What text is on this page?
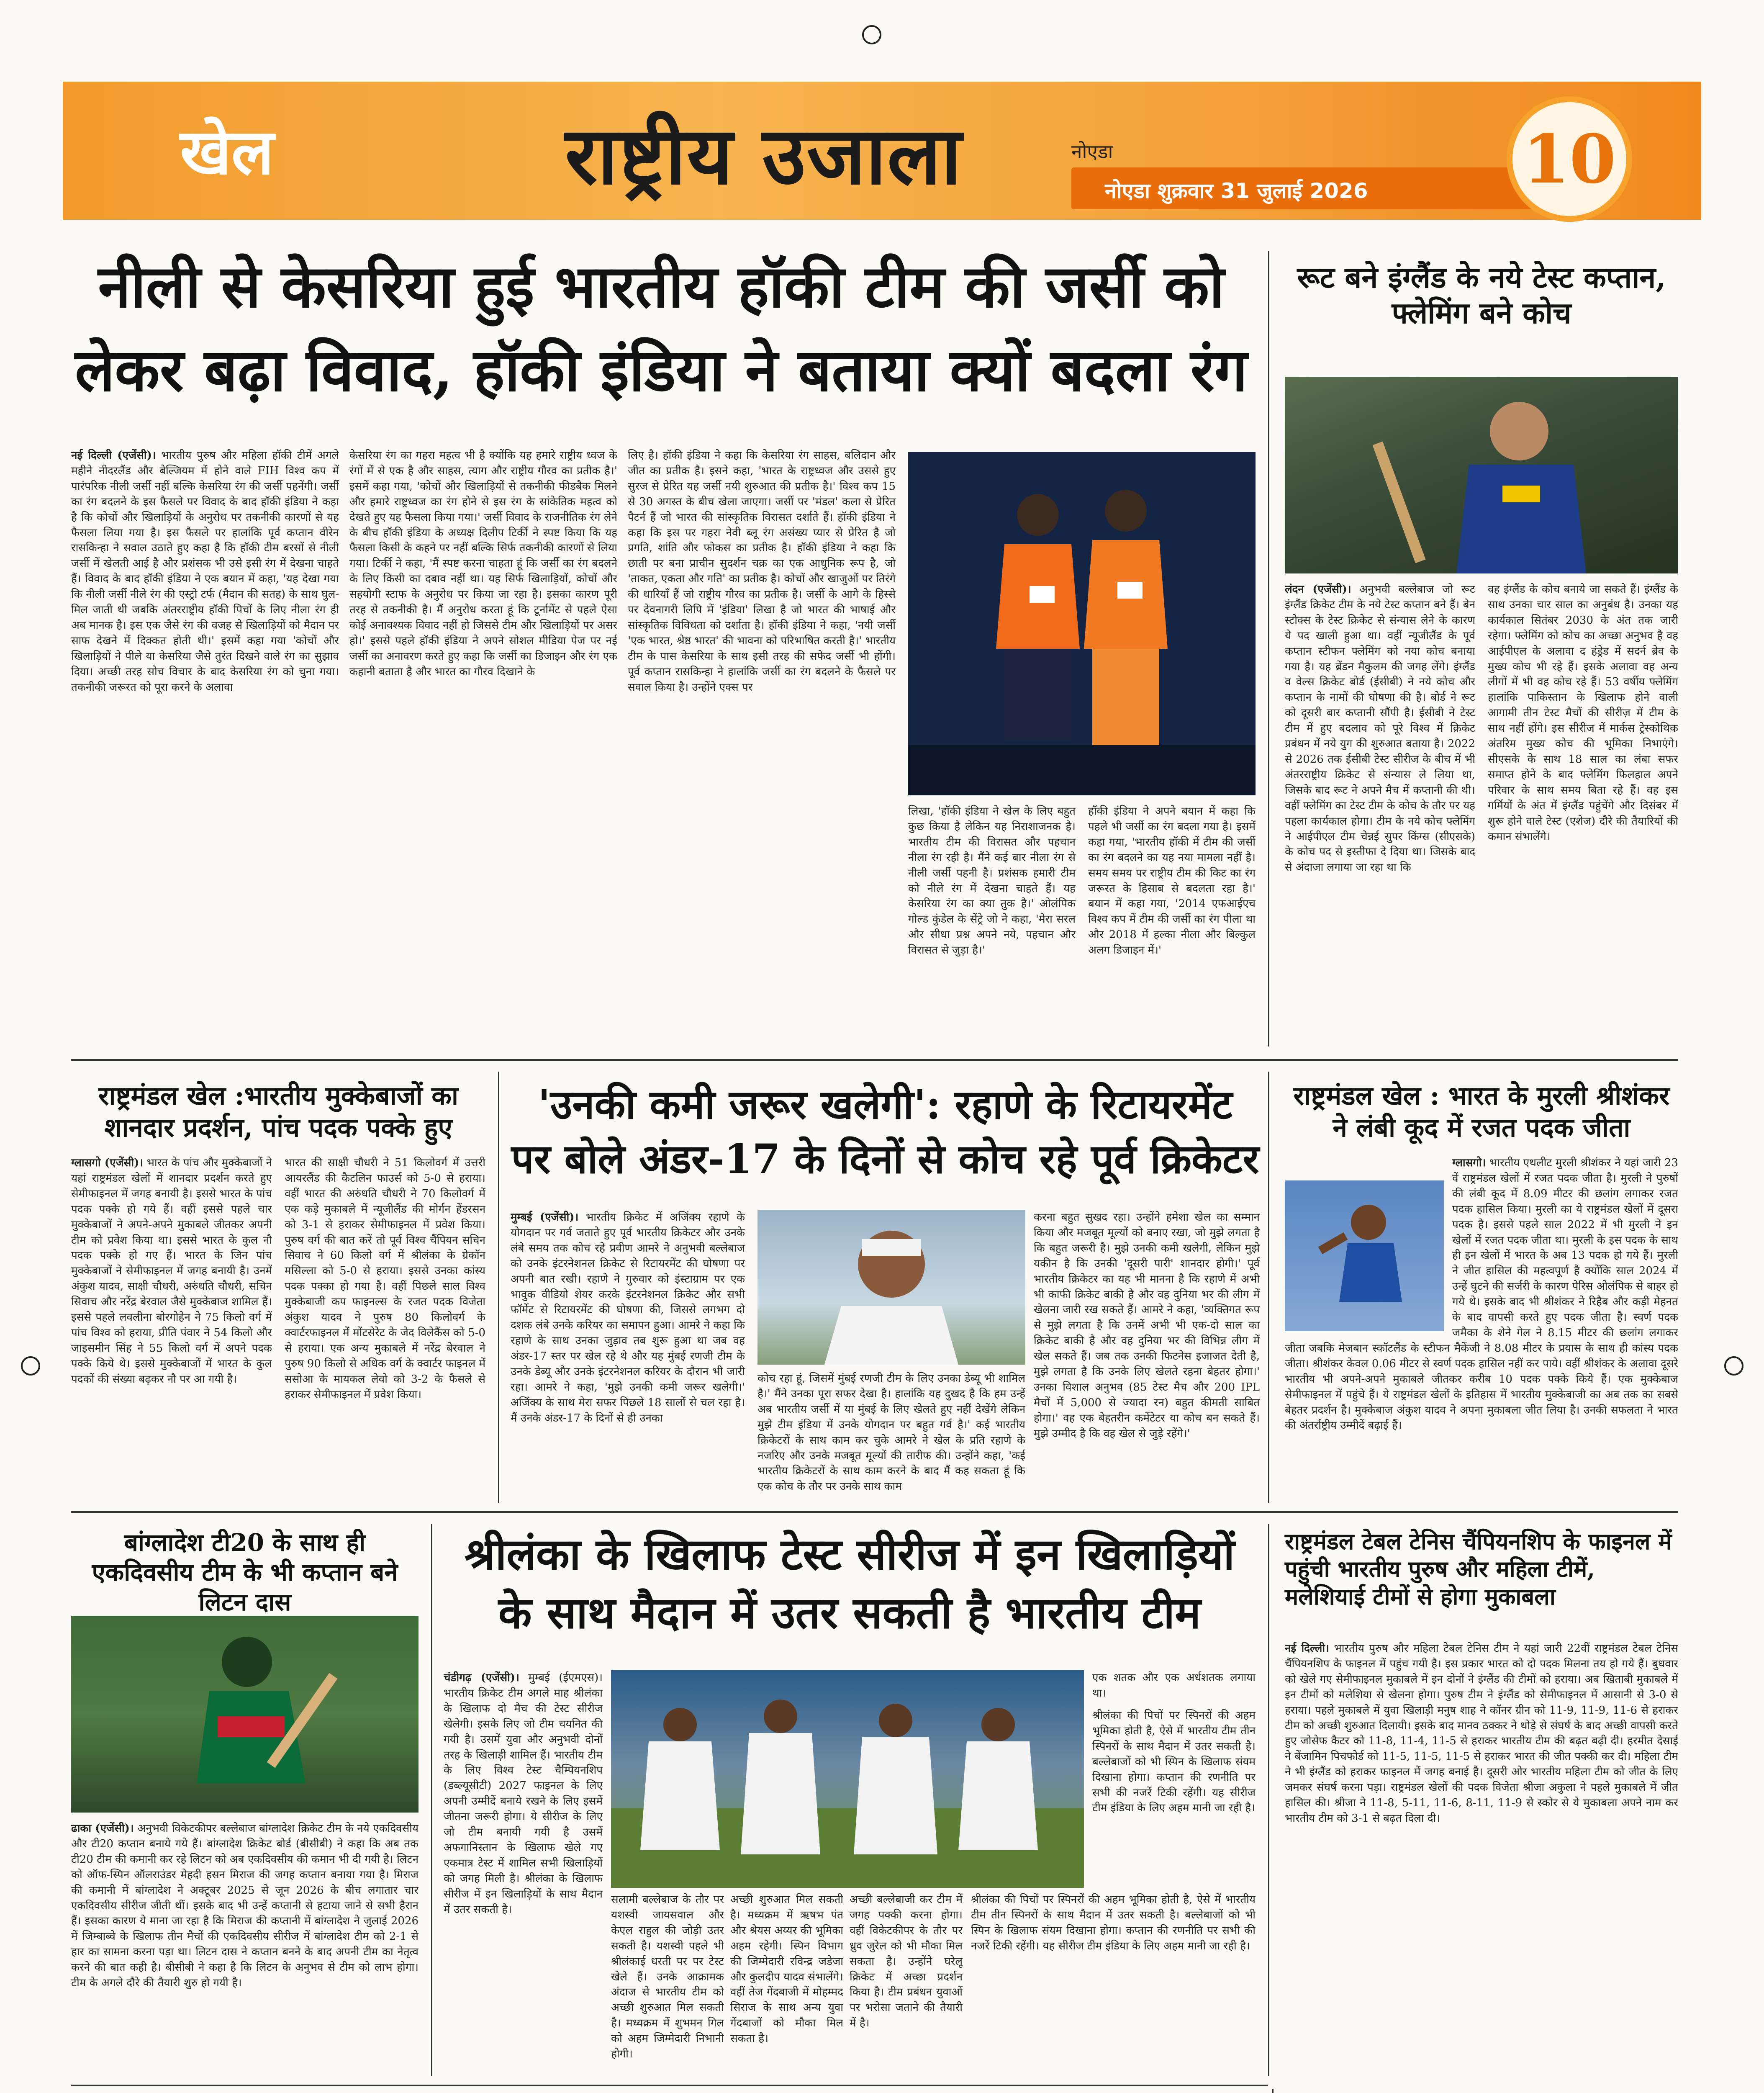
खेल	राष्ट्रीय उजाला	नोएडा
नोएडा शुक्रवार 31 जुलाई 2026 10
नीली से केसरिया हुई भारतीय हॉकी टीम की जर्सी को
लेकर बढ़ा विवाद, हॉकी इंडिया ने बताया क्यों बदला रंग
नई दिल्ली (एजेंसी)। भारतीय पुरुष और महिला हॉकी टीमें अगले महीने नीदरलैंड और बेल्जियम में होने वाले FIH विश्व कप में पारंपरिक नीली जर्सी नहीं बल्कि केसरिया रंग की जर्सी पहनेंगी। जर्सी का रंग बदलने के इस फैसले पर विवाद के बाद हॉकी इंडिया ने कहा है कि कोचों और खिलाड़ियों के अनुरोध पर तकनीकी कारणों से यह फैसला लिया गया है। इस फैसले पर हालांकि पूर्व कप्तान वीरेन रासकिन्हा ने सवाल उठाते हुए कहा है कि हॉकी टीम बरसों से नीली जर्सी में खेलती आई है और प्रशंसक भी उसे इसी रंग में देखना चाहते हैं। विवाद के बाद हॉकी इंडिया ने एक बयान में कहा, 'यह देखा गया कि नीली जर्सी नीले रंग की एस्ट्रो टर्फ (मैदान की सतह) के साथ घुल-मिल जाती थी जबकि अंतरराष्ट्रीय हॉकी पिचों के लिए नीला रंग ही अब मानक है। इस एक जैसे रंग की वजह से खिलाड़ियों को मैदान पर साफ देखने में दिक्कत होती थी।' इसमें कहा गया 'कोचों और खिलाड़ियों ने पीले या केसरिया जैसे तुरंत दिखने वाले रंग का सुझाव दिया। अच्छी तरह सोच विचार के बाद केसरिया रंग को चुना गया। तकनीकी जरूरत को पूरा करने के अलावा
केसरिया रंग का गहरा महत्व भी है क्योंकि यह हमारे राष्ट्रीय ध्वज के रंगों में से एक है और साहस, त्याग और राष्ट्रीय गौरव का प्रतीक है।' इसमें कहा गया, 'कोचों और खिलाड़ियों से तकनीकी फीडबैक मिलने और हमारे राष्ट्रध्वज का रंग होने से इस रंग के सांकेतिक महत्व को देखते हुए यह फैसला किया गया।' जर्सी विवाद के राजनीतिक रंग लेने के बीच हॉकी इंडिया के अध्यक्ष दिलीप टिर्की ने स्पष्ट किया कि यह फैसला किसी के कहने पर नहीं बल्कि सिर्फ तकनीकी कारणों से लिया गया। टिर्की ने कहा, 'मैं स्पष्ट करना चाहता हूं कि जर्सी का रंग बदलने के लिए किसी का दबाव नहीं था। यह सिर्फ खिलाड़ियों, कोचों और सहयोगी स्टाफ के अनुरोध पर किया जा रहा है। इसका कारण पूरी तरह से तकनीकी है। मैं अनुरोध करता हूं कि टूर्नामेंट से पहले ऐसा कोई अनावश्यक विवाद नहीं हो जिससे टीम और खिलाड़ियों पर असर हो।' इससे पहले हॉकी इंडिया ने अपने सोशल मीडिया पेज पर नई जर्सी का अनावरण करते हुए कहा कि जर्सी का डिजाइन और रंग एक कहानी बताता है और भारत का गौरव दिखाने के
लिए है। हॉकी इंडिया ने कहा कि केसरिया रंग साहस, बलिदान और जीत का प्रतीक है। इसने कहा, 'भारत के राष्ट्रध्वज और उससे हुए सुरज से प्रेरित यह जर्सी नयी शुरुआत की प्रतीक है।' विश्व कप 15 से 30 अगस्त के बीच खेला जाएगा। जर्सी पर 'मंडल' कला से प्रेरित पैटर्न हैं जो भारत की सांस्कृतिक विरासत दर्शाते हैं। हॉकी इंडिया ने कहा कि इस पर गहरा नेवी ब्लू रंग असंख्य प्यार से प्रेरित है जो प्रगति, शांति और फोकस का प्रतीक है। हॉकी इंडिया ने कहा कि छाती पर बना प्राचीन सुदर्शन चक्र का एक आधुनिक रूप है, जो 'ताकत, एकता और गति' का प्रतीक है। कोचों और खाजुओं पर तिरंगे की धारियाँ हैं जो राष्ट्रीय गौरव का प्रतीक है। जर्सी के आगे के हिस्से पर देवनागरी लिपि में 'इंडिया' लिखा है जो भारत की भाषाई और सांस्कृतिक विविधता को दर्शाता है। हॉकी इंडिया ने कहा, 'नयी जर्सी 'एक भारत, श्रेष्ठ भारत' की भावना को परिभाषित करती है।' भारतीय टीम के पास केसरिया के साथ इसी तरह की सफेद जर्सी भी होंगी। पूर्व कप्तान रासकिन्हा ने हालांकि जर्सी का रंग बदलने के फैसले पर सवाल किया है। उन्होंने एक्स पर
लिखा, 'हॉकी इंडिया ने खेल के लिए बहुत कुछ किया है लेकिन यह निराशाजनक है। भारतीय टीम की विरासत और पहचान नीला रंग रही है। मैंने कई बार नीला रंग से नीली जर्सी पहनी है। प्रशंसक हमारी टीम को नीले रंग में देखना चाहते हैं। यह केसरिया रंग का क्या तुक है।' ओलंपिक गोल्ड कुंडेल के सेंट्रे जो ने कहा, 'मेरा सरल और सीधा प्रश्न अपने नये, पहचान और विरासत से जुड़ा है।'
हॉकी इंडिया ने अपने बयान में कहा कि पहले भी जर्सी का रंग बदला गया है। इसमें कहा गया, 'भारतीय हॉकी में टीम की जर्सी का रंग बदलने का यह नया मामला नहीं है। समय समय पर राष्ट्रीय टीम की किट का रंग जरूरत के हिसाब से बदलता रहा है।' बयान में कहा गया, '2014 एफआईएच विश्व कप में टीम की जर्सी का रंग पीला था और 2018 में हल्का नीला और बिल्कुल अलग डिजाइन में।'
रूट बने इंग्लैंड के नये टेस्ट कप्तान, फ्लेमिंग बने कोच
लंदन (एजेंसी)। अनुभवी बल्लेबाज जो रूट इंग्लैंड क्रिकेट टीम के नये टेस्ट कप्तान बने हैं। बेन स्टोक्स के टेस्ट क्रिकेट से संन्यास लेने के कारण ये पद खाली हुआ था। वहीं न्यूजीलैंड के पूर्व कप्तान स्टीफन फ्लेमिंग को नया कोच बनाया गया है। यह ब्रेंडन मैकुलम की जगह लेंगे। इंग्लैंड व वेल्स क्रिकेट बोर्ड (ईसीबी) ने नये कोच और कप्तान के नामों की घोषणा की है। बोर्ड ने रूट को दूसरी बार कप्तानी सौंपी है। ईसीबी ने टेस्ट टीम में हुए बदलाव को पूरे विश्व में क्रिकेट प्रबंधन में नये युग की शुरुआत बताया है। 2022 से 2026 तक ईसीबी टेस्ट सीरीज के बीच में भी अंतरराष्ट्रीय क्रिकेट से संन्यास ले लिया था, जिसके बाद रूट ने अपने मैच में कप्तानी की थी। वहीं फ्लेमिंग का टेस्ट टीम के कोच के तौर पर यह पहला कार्यकाल होगा। टीम के नये कोच फ्लेमिंग ने आईपीएल टीम चेन्नई सुपर किंग्स (सीएसके) के कोच पद से इस्तीफा दे दिया था। जिसके बाद से अंदाजा लगाया जा रहा था कि
वह इंग्लैंड के कोच बनाये जा सकते हैं। इंग्लैंड के साथ उनका चार साल का अनुबंध है। उनका यह कार्यकाल सितंबर 2030 के अंत तक जारी रहेगा। फ्लेमिंग को कोच का अच्छा अनुभव है वह आईपीएल के अलावा द हंड्रेड में सदर्न ब्रेव के मुख्य कोच भी रहे हैं। इसके अलावा वह अन्य लीगों में भी वह कोच रहे हैं। 53 वर्षीय फ्लेमिंग हालांकि पाकिस्तान के खिलाफ होने वाली आगामी तीन टेस्ट मैचों की सीरीज़ में टीम के साथ नहीं होंगे। इस सीरीज में मार्कस ट्रेस्कोथिक अंतरिम मुख्य कोच की भूमिका निभाएंगे। सीएसके के साथ 18 साल का लंबा सफर समाप्त होने के बाद फ्लेमिंग फिलहाल अपने परिवार के साथ समय बिता रहे हैं। वह इस गर्मियों के अंत में इंग्लैंड पहुंचेंगे और दिसंबर में शुरू होने वाले टेस्ट (एशेज) दौरे की तैयारियों की कमान संभालेंगे।
राष्ट्रमंडल खेल :भारतीय मुक्केबाजों का शानदार प्रदर्शन, पांच पदक पक्के हुए
ग्लासगो (एजेंसी)। भारत के पांच और मुक्केबाजों ने यहां राष्ट्रमंडल खेलों में शानदार प्रदर्शन करते हुए सेमीफाइनल में जगह बनायी है। इससे भारत के पांच पदक पक्के हो गये हैं। वहीं इससे पहले चार मुक्केबाजों ने अपने-अपने मुकाबले जीतकर अपनी टीम को प्रवेश किया था। इससे भारत के कुल नौ पदक पक्के हो गए हैं। भारत के जिन पांच मुक्केबाजों ने सेमीफाइनल में जगह बनायी है। उनमें अंकुश यादव, साक्षी चौधरी, अरुंधति चौधरी, सचिन सिवाच और नरेंद्र बेरवाल जैसे मुक्केबाज शामिल हैं। इससे पहले लवलीना बोरगोहेन ने 75 किलो वर्ग में पांच विश्व को हराया, प्रीति पंवार ने 54 किलो और जाइसमीन सिंह ने 55 किलो वर्ग में अपने पदक पक्के किये थे। इससे मुक्केबाजों में भारत के कुल पदकों की संख्या बढ़कर नौ पर आ गयी है।
भारत की साक्षी चौधरी ने 51 किलोवर्ग में उत्तरी आयरलैंड की कैटलिन फाउर्स को 5-0 से हराया। वहीं भारत की अरुंधति चौधरी ने 70 किलोवर्ग में एक कड़े मुकाबले में न्यूजीलैंड की मोर्गन हेंडरसन को 3-1 से हराकर सेमीफाइनल में प्रवेश किया। पुरुष वर्ग की बात करें तो पूर्व विश्व चैंपियन सचिन सिवाच ने 60 किलो वर्ग में श्रीलंका के ग्रेकॉन मसिल्ला को 5-0 से हराया। इससे उनका कांस्य पदक पक्का हो गया है। वहीं पिछले साल विश्व मुक्केबाजी कप फाइनल्स के रजत पदक विजेता अंकुश यादव ने पुरुष 80 किलोवर्ग के क्वार्टरफाइनल में मोंटसेरेट के जेद विलेकैंस को 5-0 से हराया। एक अन्य मुकाबले में नरेंद्र बेरवाल ने पुरुष 90 किलो से अधिक वर्ग के क्वार्टर फाइनल में ससोआ के मायकल लेवो को 3-2 के फैसले से हराकर सेमीफाइनल में प्रवेश किया।
'उनकी कमी जरूर खलेगी': रहाणे के रिटायरमेंट
पर बोले अंडर-17 के दिनों से कोच रहे पूर्व क्रिकेटर
मुम्बई (एजेंसी)। भारतीय क्रिकेट में अजिंक्य रहाणे के योगदान पर गर्व जताते हुए पूर्व भारतीय क्रिकेटर और उनके लंबे समय तक कोच रहे प्रवीण आमरे ने अनुभवी बल्लेबाज को उनके इंटरनेशनल क्रिकेट से रिटायरमेंट की घोषणा पर अपनी बात रखी। रहाणे ने गुरुवार को इंस्टाग्राम पर एक भावुक वीडियो शेयर करके इंटरनेशनल क्रिकेट और सभी फॉर्मेट से रिटायरमेंट की घोषणा की, जिससे लगभग दो दशक लंबे उनके करियर का समापन हुआ। आमरे ने कहा कि रहाणे के साथ उनका जुड़ाव तब शुरू हुआ था जब वह अंडर-17 स्तर पर खेल रहे थे और यह मुंबई रणजी टीम के उनके डेब्यू और उनके इंटरनेशनल करियर के दौरान भी जारी रहा। आमरे ने कहा, 'मुझे उनकी कमी जरूर खलेगी।' अजिंक्य के साथ मेरा सफर पिछले 18 सालों से चल रहा है। मैं उनके अंडर-17 के दिनों से ही उनका
कोच रहा हूं, जिसमें मुंबई रणजी टीम के लिए उनका डेब्यू भी शामिल है।' मैंने उनका पूरा सफर देखा है। हालांकि यह दुखद है कि हम उन्हें अब भारतीय जर्सी में या मुंबई के लिए खेलते हुए नहीं देखेंगे लेकिन मुझे टीम इंडिया में उनके योगदान पर बहुत गर्व है।' कई भारतीय क्रिकेटरों के साथ काम कर चुके आमरे ने खेल के प्रति रहाणे के नजरिए और उनके मजबूत मूल्यों की तारीफ की। उन्होंने कहा, 'कई भारतीय क्रिकेटरों के साथ काम करने के बाद मैं कह सकता हूं कि एक कोच के तौर पर उनके साथ काम
करना बहुत सुखद रहा। उन्होंने हमेशा खेल का सम्मान किया और मजबूत मूल्यों को बनाए रखा, जो मुझे लगता है कि बहुत जरूरी है। मुझे उनकी कमी खलेगी, लेकिन मुझे यकीन है कि उनकी 'दूसरी पारी' शानदार होगी।' पूर्व भारतीय क्रिकेटर का यह भी मानना है कि रहाणे में अभी भी काफी क्रिकेट बाकी है और वह दुनिया भर की लीग में खेलना जारी रख सकते हैं। आमरे ने कहा, 'व्यक्तिगत रूप से मुझे लगता है कि उनमें अभी भी एक-दो साल का क्रिकेट बाकी है और वह दुनिया भर की विभिन्न लीग में खेल सकते हैं। जब तक उनकी फिटनेस इजाजत देती है, मुझे लगता है कि उनके लिए खेलते रहना बेहतर होगा।' उनका विशाल अनुभव (85 टेस्ट मैच और 200 IPL मैचों में 5,000 से ज्यादा रन) बहुत कीमती साबित होगा।' वह एक बेहतरीन कमेंटेटर या कोच बन सकते हैं। मुझे उम्मीद है कि वह खेल से जुड़े रहेंगे।'
राष्ट्रमंडल खेल : भारत के मुरली श्रीशंकर ने लंबी कूद में रजत पदक जीता
ग्लासगो। भारतीय एथलीट मुरली श्रीशंकर ने यहां जारी 23 वें राष्ट्रमंडल खेलों में रजत पदक जीता है। मुरली ने पुरुषों की लंबी कूद में 8.09 मीटर की छलांग लगाकर रजत पदक हासिल किया। मुरली का ये राष्ट्रमंडल खेलों में दूसरा पदक है। इससे पहले साल 2022 में भी मुरली ने इन खेलों में रजत पदक जीता था। मुरली के इस पदक के साथ ही इन खेलों में भारत के अब 13 पदक हो गये हैं। मुरली ने जीत हासिल की महत्वपूर्ण है क्योंकि साल 2024 में उन्हें घुटने की सर्जरी के कारण पेरिस ओलंपिक से बाहर हो गये थे। इसके बाद भी श्रीशंकर ने रिहैब और कड़ी मेहनत के बाद वापसी करते हुए पदक जीता है। स्वर्ण पदक जमैका के शेने गेल ने 8.15 मीटर की छलांग लगाकर जीता जबकि मेजबान स्कॉटलैंड के स्टीफन मैकेंजी ने 8.08 मीटर के प्रयास के साथ ही कांस्य पदक जीता। श्रीशंकर केवल 0.06 मीटर से स्वर्ण पदक हासिल नहीं कर पाये। वहीं श्रीशंकर के अलावा दूसरे भारतीय भी अपने-अपने मुकाबले जीतकर करीब 10 पदक पक्के किये हैं। एक मुक्केबाज सेमीफाइनल में पहुंचे हैं। ये राष्ट्रमंडल खेलों के इतिहास में भारतीय मुक्केबाजी का अब तक का सबसे बेहतर प्रदर्शन है। मुक्केबाज अंकुश यादव ने अपना मुकाबला जीत लिया है। उनकी सफलता ने भारत की अंतर्राष्ट्रीय उम्मीदें बढ़ाई हैं।
बांग्लादेश टी20 के साथ ही एकदिवसीय टीम के भी कप्तान बने लिटन दास
ढाका (एजेंसी)। अनुभवी विकेटकीपर बल्लेबाज बांग्लादेश क्रिकेट टीम के नये एकदिवसीय और टी20 कप्तान बनाये गये हैं। बांग्लादेश क्रिकेट बोर्ड (बीसीबी) ने कहा कि अब तक टी20 टीम की कमानी कर रहे लिटन को अब एकदिवसीय की कमान भी दी गयी है। लिटन को ऑफ-स्पिन ऑलराउंडर मेहदी हसन मिराज की जगह कप्तान बनाया गया है। मिराज की कमानी में बांग्लादेश ने अक्टूबर 2025 से जून 2026 के बीच लगातार चार एकदिवसीय सीरीज जीती थीं। इसके बाद भी उन्हें कप्तानी से हटाया जाने से सभी हैरान हैं। इसका कारण ये माना जा रहा है कि मिराज की कप्तानी में बांग्लादेश ने जुलाई 2026 में जिम्बाब्वे के खिलाफ तीन मैचों की एकदिवसीय सीरीज में बांग्लादेश टीम को 2-1 से हार का सामना करना पड़ा था। लिटन दास ने कप्तान बनने के बाद अपनी टीम का नेतृत्व करने की बात कही है। बीसीबी ने कहा है कि लिटन के अनुभव से टीम को लाभ होगा। टीम के अगले दौरे की तैयारी शुरु हो गयी है।
श्रीलंका के खिलाफ टेस्ट सीरीज में इन खिलाड़ियों
के साथ मैदान में उतर सकती है भारतीय टीम
चंडीगढ़ (एजेंसी)। मुम्बई (ईएमएस)। भारतीय क्रिकेट टीम अगले माह श्रीलंका के खिलाफ दो मैच की टेस्ट सीरीज खेलेगी। इसके लिए जो टीम चयनित की गयी है। उसमें युवा और अनुभवी दोनों तरह के खिलाड़ी शामिल हैं। भारतीय टीम के लिए विश्व टेस्ट चैम्पियनशिप (डब्ल्यूसीटी) 2027 फाइनल के लिए अपनी उम्मीदें बनाये रखने के लिए इसमें जीतना जरूरी होगा। ये सीरीज के लिए जो टीम बनायी गयी है उसमें अफगानिस्तान के खिलाफ खेले गए एकमात्र टेस्ट में शामिल सभी खिलाड़ियों को जगह मिली है। श्रीलंका के खिलाफ सीरीज में इन खिलाड़ियों के साथ मैदान में उतर सकती है।
सलामी बल्लेबाज के तौर पर यशस्वी जायसवाल और केएल राहुल की जोड़ी उतर सकती है। यशस्वी पहले भी श्रीलंकाई धरती पर पर टेस्ट खेले हैं। उनके आक्रामक अंदाज से भारतीय टीम को अच्छी शुरुआत मिल सकती है। मध्यक्रम में शुभमन गिल को अहम जिम्मेदारी निभानी होगी।
अच्छी शुरुआत मिल सकती है। मध्यक्रम में ऋषभ पंत और श्रेयस अय्यर की भूमिका अहम रहेगी। स्पिन विभाग की जिम्मेदारी रविन्द्र जडेजा और कुलदीप यादव संभालेंगे। वहीं तेज गेंदबाजी में मोहम्मद सिराज के साथ अन्य युवा गेंदबाजों को मौका मिल सकता है।
अच्छी बल्लेबाजी कर टीम में जगह पक्की करना होगा। वहीं विकेटकीपर के तौर पर ध्रुव जुरेल को भी मौका मिल सकता है। उन्होंने घरेलू क्रिकेट में अच्छा प्रदर्शन किया है। टीम प्रबंधन युवाओं पर भरोसा जताने की तैयारी में है।
एक शतक और एक अर्धशतक लगाया था।
श्रीलंका की पिचों पर स्पिनरों की अहम भूमिका होती है, ऐसे में भारतीय टीम तीन स्पिनरों के साथ मैदान में उतर सकती है। बल्लेबाजों को भी स्पिन के खिलाफ संयम दिखाना होगा। कप्तान की रणनीति पर सभी की नजरें टिकी रहेंगी। यह सीरीज टीम इंडिया के लिए अहम मानी जा रही है।
श्रीलंका की पिचों पर स्पिनरों की अहम भूमिका होती है, ऐसे में भारतीय टीम तीन स्पिनरों के साथ मैदान में उतर सकती है। बल्लेबाजों को भी स्पिन के खिलाफ संयम दिखाना होगा। कप्तान की रणनीति पर सभी की नजरें टिकी रहेंगी। यह सीरीज टीम इंडिया के लिए अहम मानी जा रही है।
राष्ट्रमंडल टेबल टेनिस चैंपियनशिप के फाइनल में पहुंची भारतीय पुरुष और महिला टीमें, मलेशियाई टीमों से होगा मुकाबला
नई दिल्ली। भारतीय पुरुष और महिला टेबल टेनिस टीम ने यहां जारी 22वीं राष्ट्रमंडल टेबल टेनिस चैंपियनशिप के फाइनल में पहुंच गयी है। इस प्रकार भारत को दो पदक मिलना तय हो गये हैं। बुधवार को खेले गए सेमीफाइनल मुकाबले में इन दोनों ने इंग्लैंड की टीमों को हराया। अब खिताबी मुकाबले में इन टीमों को मलेशिया से खेलना होगा। पुरुष टीम ने इंग्लैंड को सेमीफाइनल में आसानी से 3-0 से हराया। पहले मुकाबले में युवा खिलाड़ी मनुष शाह ने कॉनर ग्रीन को 11-9, 11-9, 11-6 से हराकर टीम को अच्छी शुरुआत दिलायी। इसके बाद मानव ठक्कर ने थोड़े से संघर्ष के बाद अच्छी वापसी करते हुए जोसेफ कैटर को 11-8, 11-4, 11-5 से हराकर भारतीय टीम की बढ़त बढ़ी दी। हरमीत देसाई ने बेंजामिन पिचफोर्ड को 11-5, 11-5, 11-5 से हराकर भारत की जीत पक्की कर दी। महिला टीम ने भी इंग्लैंड को हराकर फाइनल में जगह बनाई है। दूसरी ओर भारतीय महिला टीम को जीत के लिए जमकर संघर्ष करना पड़ा। राष्ट्रमंडल खेलों की पदक विजेता श्रीजा अकुला ने पहले मुकाबले में जीत हासिल की। श्रीजा ने 11-8, 5-11, 11-6, 8-11, 11-9 से स्कोर से ये मुकाबला अपने नाम कर भारतीय टीम को 3-1 से बढ़त दिला दी।
